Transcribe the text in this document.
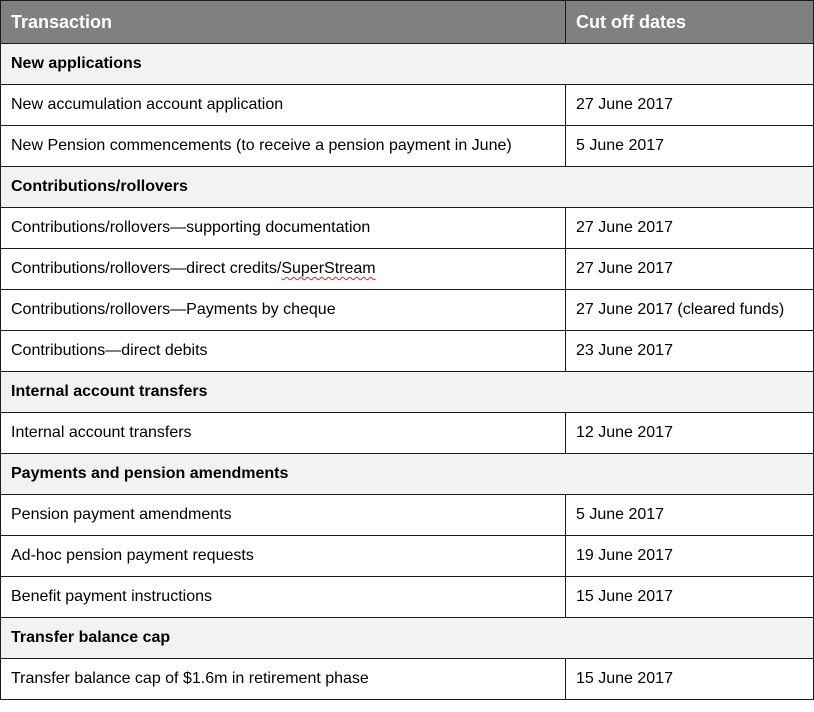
Transaction	Cut off dates
New applications	
New accumulation account application	27 June 2017
New Pension commencements (to receive a pension payment in June)	5 June 2017
Contributions/rollovers	
Contributions/rollovers—supporting documentation	27 June 2017
Contributions/rollovers—direct credits/SuperStream	27 June 2017
Contributions/rollovers—Payments by cheque	27 June 2017 (cleared funds)
Contributions—direct debits	23 June 2017
Internal account transfers	
Internal account transfers	12 June 2017
Payments and pension amendments	
Pension payment amendments	5 June 2017
Ad-hoc pension payment requests	19 June 2017
Benefit payment instructions	15 June 2017
Transfer balance cap	
Transfer balance cap of $1.6m in retirement phase	15 June 2017
